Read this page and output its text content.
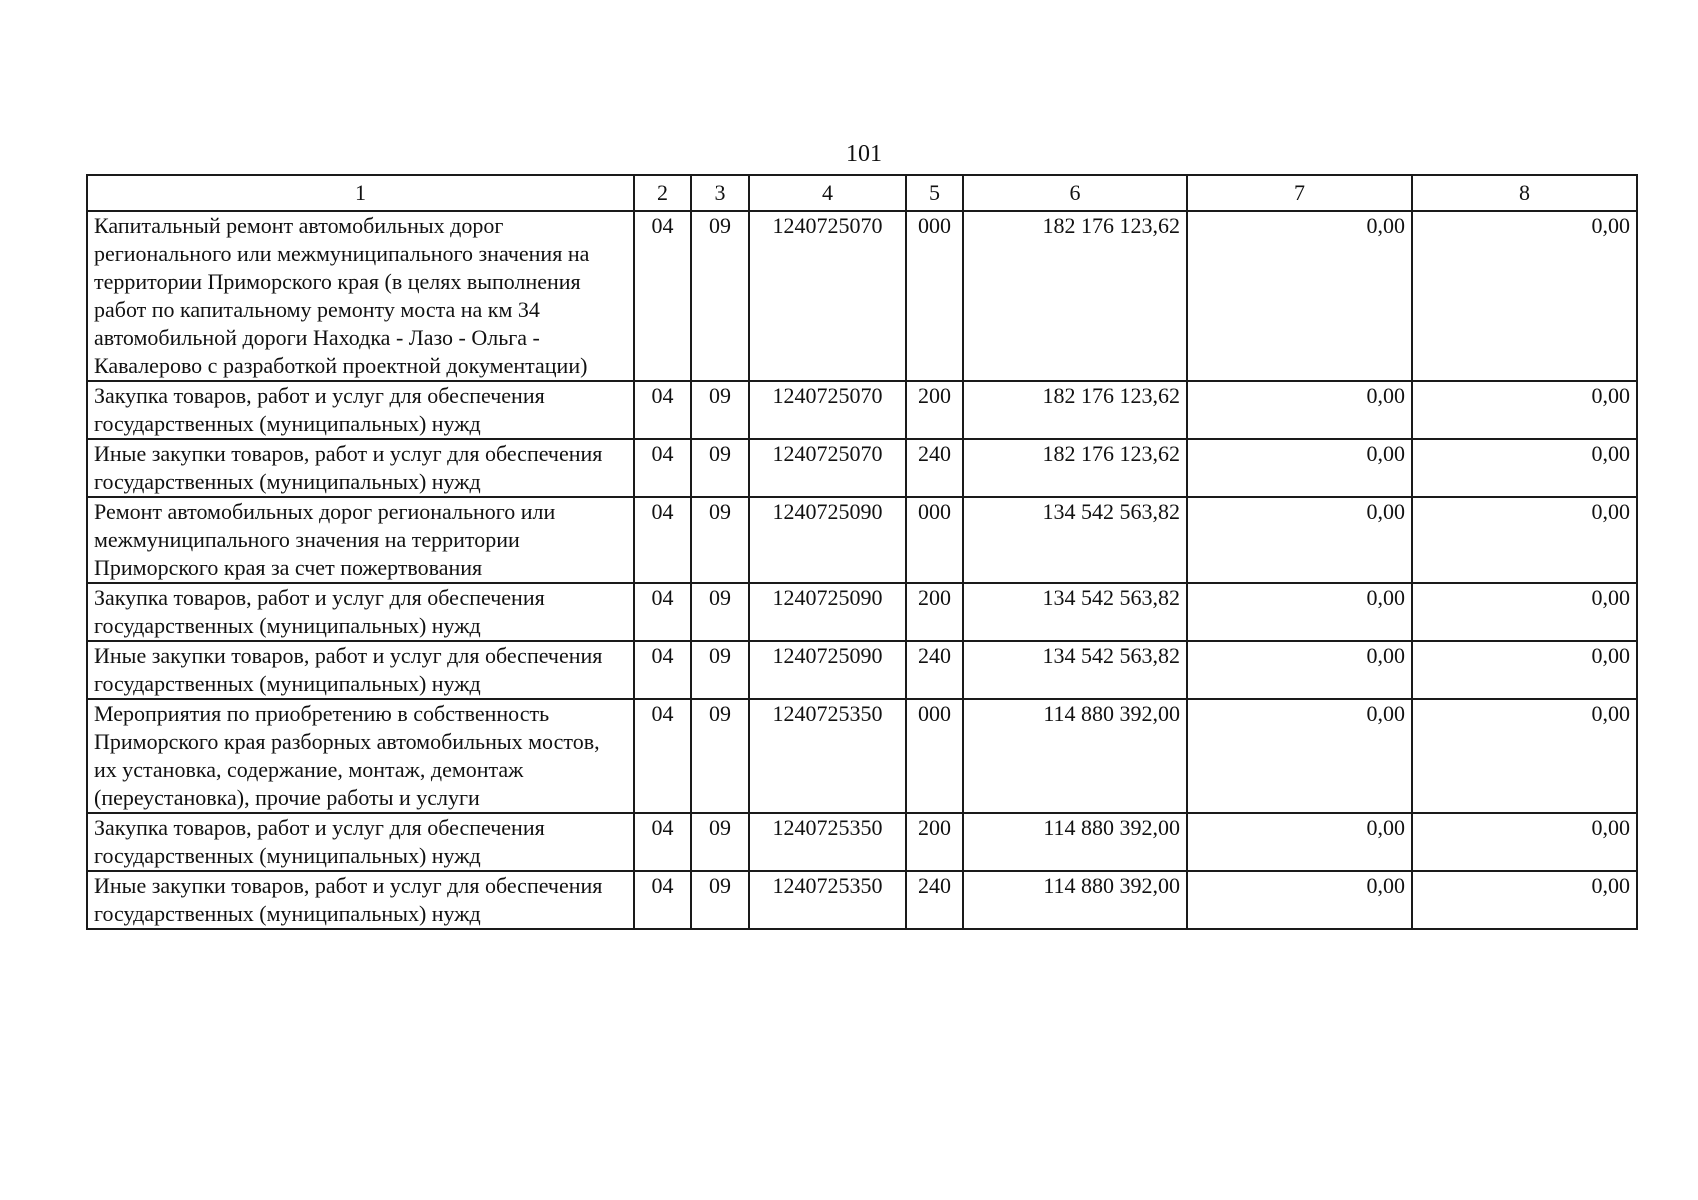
101
1	2	3	4	5	6	7	8
Капитальный ремонт автомобильных дорог регионального или межмуниципального значения на территории Приморского края (в целях выполнения работ по капитальному ремонту моста на км 34 автомобильной дороги Находка - Лазо - Ольга - Кавалерово с разработкой проектной документации)	04	09	1240725070	000	182 176 123,62	0,00	0,00
Закупка товаров, работ и услуг для обеспечения государственных (муниципальных) нужд	04	09	1240725070	200	182 176 123,62	0,00	0,00
Иные закупки товаров, работ и услуг для обеспечения государственных (муниципальных) нужд	04	09	1240725070	240	182 176 123,62	0,00	0,00
Ремонт автомобильных дорог регионального или межмуниципального значения на территории Приморского края за счет пожертвования	04	09	1240725090	000	134 542 563,82	0,00	0,00
Закупка товаров, работ и услуг для обеспечения государственных (муниципальных) нужд	04	09	1240725090	200	134 542 563,82	0,00	0,00
Иные закупки товаров, работ и услуг для обеспечения государственных (муниципальных) нужд	04	09	1240725090	240	134 542 563,82	0,00	0,00
Мероприятия по приобретению в собственность Приморского края разборных автомобильных мостов, их установка, содержание, монтаж, демонтаж (переустановка), прочие работы и услуги	04	09	1240725350	000	114 880 392,00	0,00	0,00
Закупка товаров, работ и услуг для обеспечения государственных (муниципальных) нужд	04	09	1240725350	200	114 880 392,00	0,00	0,00
Иные закупки товаров, работ и услуг для обеспечения государственных (муниципальных) нужд	04	09	1240725350	240	114 880 392,00	0,00	0,00
